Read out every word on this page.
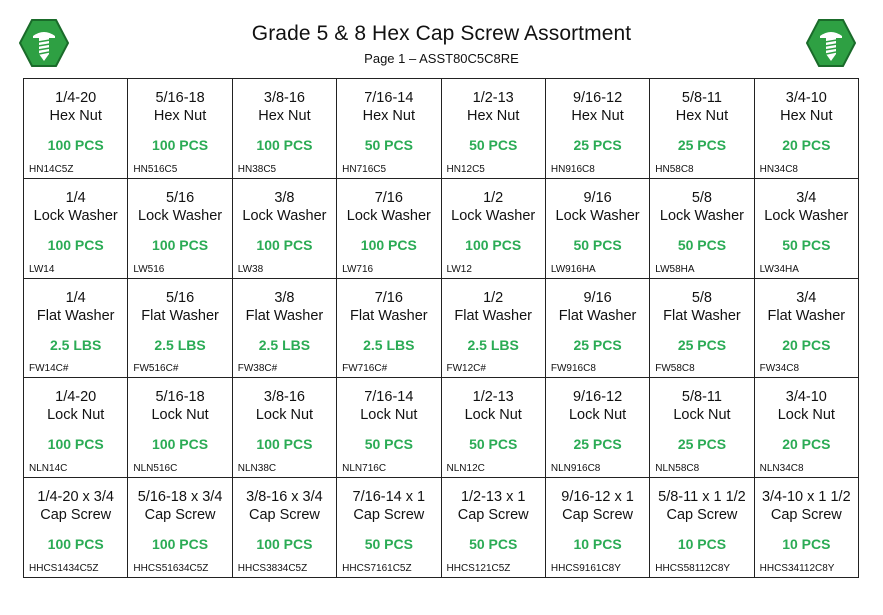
Grade 5 & 8 Hex Cap Screw Assortment
Page 1 – ASST80C5C8RE
1/4-20
Hex Nut
100 PCS
HN14C5Z
5/16-18
Hex Nut
100 PCS
HN516C5
3/8-16
Hex Nut
100 PCS
HN38C5
7/16-14
Hex Nut
50 PCS
HN716C5
1/2-13
Hex Nut
50 PCS
HN12C5
9/16-12
Hex Nut
25 PCS
HN916C8
5/8-11
Hex Nut
25 PCS
HN58C8
3/4-10
Hex Nut
20 PCS
HN34C8
1/4
Lock Washer
100 PCS
LW14
5/16
Lock Washer
100 PCS
LW516
3/8
Lock Washer
100 PCS
LW38
7/16
Lock Washer
100 PCS
LW716
1/2
Lock Washer
100 PCS
LW12
9/16
Lock Washer
50 PCS
LW916HA
5/8
Lock Washer
50 PCS
LW58HA
3/4
Lock Washer
50 PCS
LW34HA
1/4
Flat Washer
2.5 LBS
FW14C#
5/16
Flat Washer
2.5 LBS
FW516C#
3/8
Flat Washer
2.5 LBS
FW38C#
7/16
Flat Washer
2.5 LBS
FW716C#
1/2
Flat Washer
2.5 LBS
FW12C#
9/16
Flat Washer
25 PCS
FW916C8
5/8
Flat Washer
25 PCS
FW58C8
3/4
Flat Washer
20 PCS
FW34C8
1/4-20
Lock Nut
100 PCS
NLN14C
5/16-18
Lock Nut
100 PCS
NLN516C
3/8-16
Lock Nut
100 PCS
NLN38C
7/16-14
Lock Nut
50 PCS
NLN716C
1/2-13
Lock Nut
50 PCS
NLN12C
9/16-12
Lock Nut
25 PCS
NLN916C8
5/8-11
Lock Nut
25 PCS
NLN58C8
3/4-10
Lock Nut
20 PCS
NLN34C8
1/4-20 x 3/4
Cap Screw
100 PCS
HHCS1434C5Z
5/16-18 x 3/4
Cap Screw
100 PCS
HHCS51634C5Z
3/8-16 x 3/4
Cap Screw
100 PCS
HHCS3834C5Z
7/16-14 x 1
Cap Screw
50 PCS
HHCS7161C5Z
1/2-13 x 1
Cap Screw
50 PCS
HHCS121C5Z
9/16-12 x 1
Cap Screw
10 PCS
HHCS9161C8Y
5/8-11 x 1 1/2
Cap Screw
10 PCS
HHCS58112C8Y
3/4-10 x 1 1/2
Cap Screw
10 PCS
HHCS34112C8Y
